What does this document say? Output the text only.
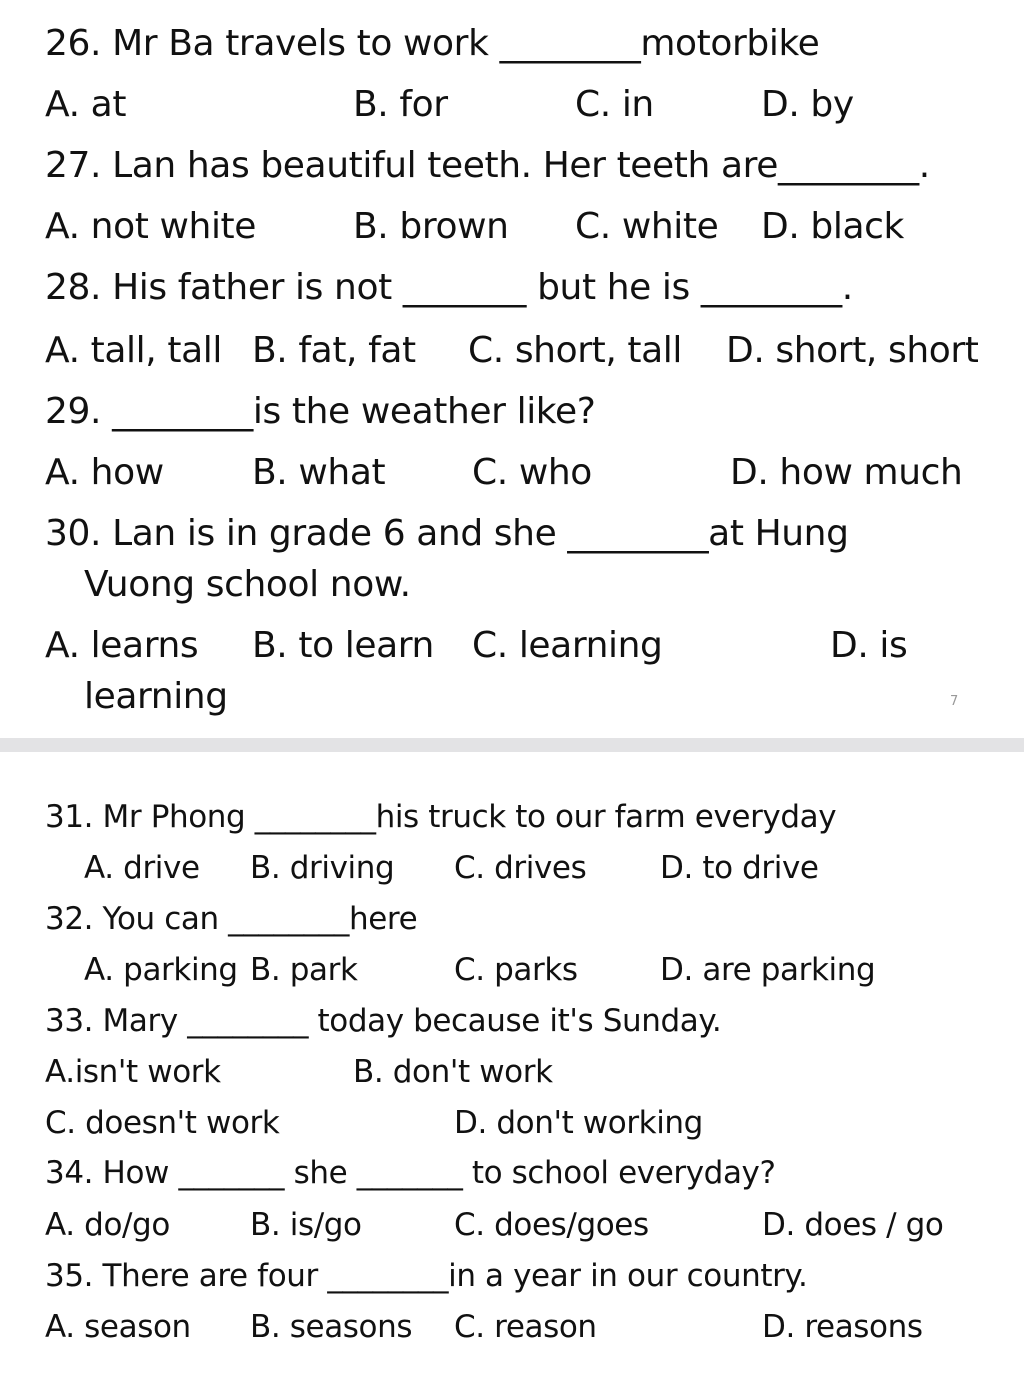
26. Mr Ba travels to work ________motorbike
A. at	B. for	C. in	D. by
27. Lan has beautiful teeth. Her teeth are________.
A. not white	B. brown C. white D. black
28. His father is not _______ but he is ________.
A. tall, tall B. fat, fat C. short, tall D. short, short
29. ________is the weather like?
A. how B. what C. who	D. how much
30. Lan is in grade 6 and she ________at Hung
Vuong school now.
A. learns B. to learn C. learning	D. is
learning	7
31. Mr Phong ________his truck to our farm everyday
A. drive B. driving C. drives D. to drive
32. You can ________here
A. parking B. park	C. parks	D. are parking
33. Mary ________ today because it's Sunday.
A.isn't work	B. don't work
C. doesn't work	D. don't working
34. How _______ she _______ to school everyday?
A. do/go	B. is/go	C. does/goes	D. does / go
35. There are four ________in a year in our country.
A. season B. seasons C. reason	D. reasons
